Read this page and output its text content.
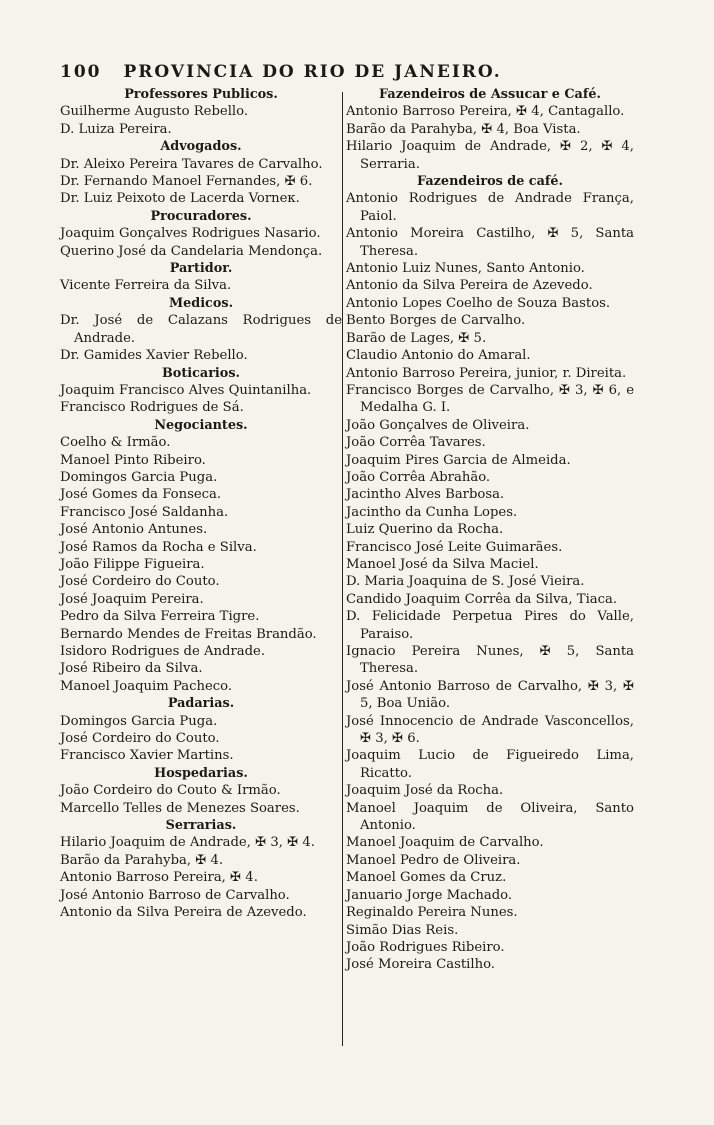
100 PROVINCIA DO RIO DE JANEIRO.
Professores Publicos.
Guilherme Augusto Rebello.
D. Luiza Pereira.
Advogados.
Dr. Aleixo Pereira Tavares de Carvalho.
Dr. Fernando Manoel Fernandes, ✠ 6.
Dr. Luiz Peixoto de Lacerda Vorneк.
Procuradores.
Joaquim Gonçalves Rodrigues Nasario.
Querino José da Candelaria Mendonça.
Partidor.
Vicente Ferreira da Silva.
Medicos.
Dr. José de Calazans Rodrigues de Andrade.
Dr. Gamides Xavier Rebello.
Boticarios.
Joaquim Francisco Alves Quintanilha.
Francisco Rodrigues de Sá.
Negociantes.
Coelho & Irmão.
Manoel Pinto Ribeiro.
Domingos Garcia Puga.
José Gomes da Fonseca.
Francisco José Saldanha.
José Antonio Antunes.
José Ramos da Rocha e Silva.
João Filippe Figueira.
José Cordeiro do Couto.
José Joaquim Pereira.
Pedro da Silva Ferreira Tigre.
Bernardo Mendes de Freitas Brandão.
Isidoro Rodrigues de Andrade.
José Ribeiro da Silva.
Manoel Joaquim Pacheco.
Padarias.
Domingos Garcia Puga.
José Cordeiro do Couto.
Francisco Xavier Martins.
Hospedarias.
João Cordeiro do Couto & Irmão.
Marcello Telles de Menezes Soares.
Serrarias.
Hilario Joaquim de Andrade, ✠ 3, ✠ 4.
Barão da Parahyba, ✠ 4.
Antonio Barroso Pereira, ✠ 4.
José Antonio Barroso de Carvalho.
Antonio da Silva Pereira de Azevedo.
Fazendeiros de Assucar e Café.
Antonio Barroso Pereira, ✠ 4, Cantagallo.
Barão da Parahyba, ✠ 4, Boa Vista.
Hilario Joaquim de Andrade, ✠ 2, ✠ 4, Serraria.
Fazendeiros de café.
Antonio Rodrigues de Andrade França, Paiol.
Antonio Moreira Castilho, ✠ 5, Santa Theresa.
Antonio Luiz Nunes, Santo Antonio.
Antonio da Silva Pereira de Azevedo.
Antonio Lopes Coelho de Souza Bastos.
Bento Borges de Carvalho.
Barão de Lages, ✠ 5.
Claudio Antonio do Amaral.
Antonio Barroso Pereira, junior, r. Direita.
Francisco Borges de Carvalho, ✠ 3, ✠ 6, e Medalha G. I.
João Gonçalves de Oliveira.
João Corrêa Tavares.
Joaquim Pires Garcia de Almeida.
João Corrêa Abrahão.
Jacintho Alves Barbosa.
Jacintho da Cunha Lopes.
Luiz Querino da Rocha.
Francisco José Leite Guimarães.
Manoel José da Silva Maciel.
D. Maria Joaquina de S. José Vieira.
Candido Joaquim Corrêa da Silva, Tiaca.
D. Felicidade Perpetua Pires do Valle, Paraiso.
Ignacio Pereira Nunes, ✠ 5, Santa Theresa.
José Antonio Barroso de Carvalho, ✠ 3, ✠ 5, Boa União.
José Innocencio de Andrade Vasconcellos, ✠ 3, ✠ 6.
Joaquim Lucio de Figueiredo Lima, Ricatto.
Joaquim José da Rocha.
Manoel Joaquim de Oliveira, Santo Antonio.
Manoel Joaquim de Carvalho.
Manoel Pedro de Oliveira.
Manoel Gomes da Cruz.
Januario Jorge Machado.
Reginaldo Pereira Nunes.
Simão Dias Reis.
João Rodrigues Ribeiro.
José Moreira Castilho.
